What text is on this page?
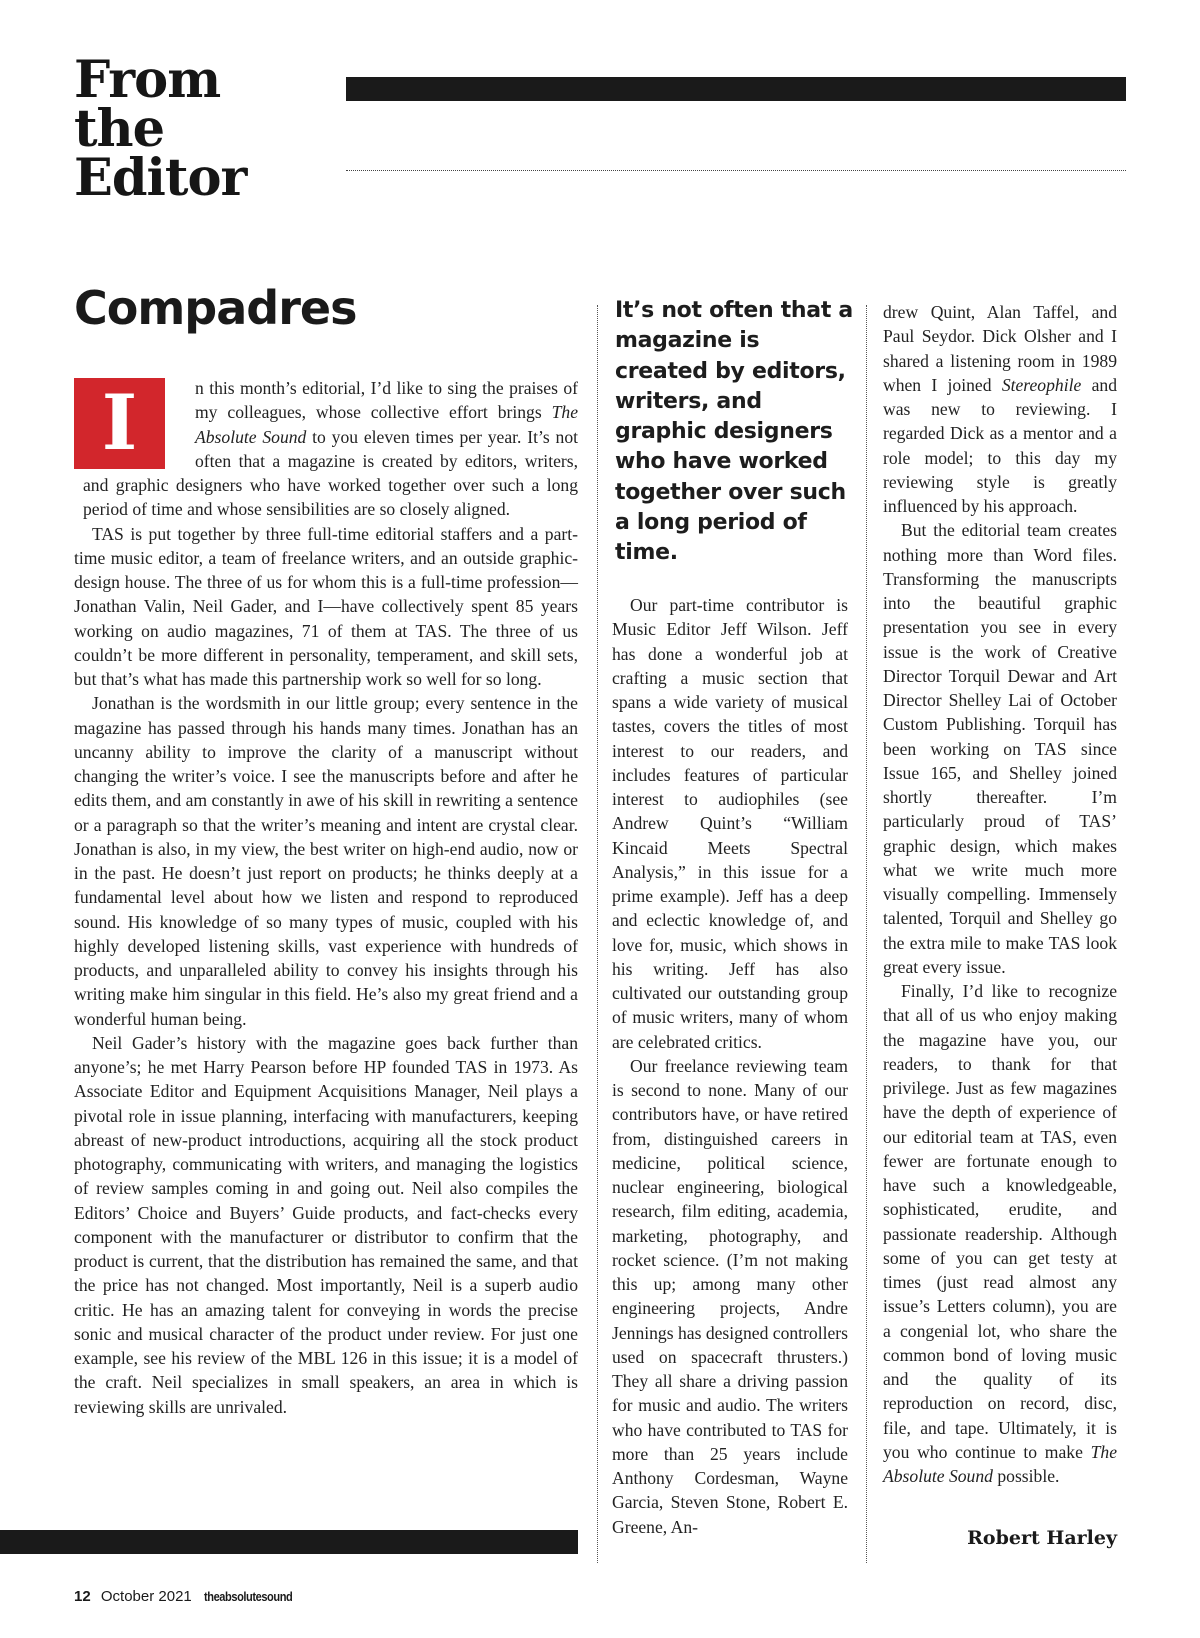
From
the
Editor
Compadres
I	n this month’s editorial, I’d like to sing the praises of my colleagues, whose collective effort brings The Absolute Sound to you eleven times per year. It’s not often that a magazine is created by editors, writers, and graphic designers who have worked together over such a long period of time and whose sensibilities are so closely aligned.

TAS is put together by three full-time editorial staffers and a part-time music editor, a team of freelance writers, and an outside graphic-design house. The three of us for whom this is a full-time profession—Jonathan Valin, Neil Gader, and I—have collectively spent 85 years working on audio magazines, 71 of them at TAS. The three of us couldn’t be more different in personality, temperament, and skill sets, but that’s what has made this partnership work so well for so long.

Jonathan is the wordsmith in our little group; every sentence in the magazine has passed through his hands many times. Jonathan has an uncanny ability to improve the clarity of a manuscript without changing the writer’s voice. I see the manuscripts before and after he edits them, and am constantly in awe of his skill in rewriting a sentence or a paragraph so that the writer’s meaning and intent are crystal clear. Jonathan is also, in my view, the best writer on high-end audio, now or in the past. He doesn’t just report on products; he thinks deeply at a fundamental level about how we listen and respond to reproduced sound. His knowledge of so many types of music, coupled with his highly developed listening skills, vast experience with hundreds of products, and unparalleled ability to convey his insights through his writing make him singular in this field. He’s also my great friend and a wonderful human being.

Neil Gader’s history with the magazine goes back further than anyone’s; he met Harry Pearson before HP founded TAS in 1973. As Associate Editor and Equipment Acquisitions Manager, Neil plays a pivotal role in issue planning, interfacing with manufacturers, keeping abreast of new-product introductions, acquiring all the stock product photography, communicating with writers, and managing the logistics of review samples coming in and going out. Neil also compiles the Editors’ Choice and Buyers’ Guide products, and fact-checks every component with the manufacturer or distributor to confirm that the product is current, that the distribution has remained the same, and that the price has not changed. Most importantly, Neil is a superb audio critic. He has an amazing talent for conveying in words the precise sonic and musical character of the product under review. For just one example, see his review of the MBL 126 in this issue; it is a model of the craft. Neil specializes in small speakers, an area in which is reviewing skills are unrivaled.

It’s not often that a magazine is created by editors, writers, and graphic designers who have worked together over such a long period of time.

Our part-time contributor is Music Editor Jeff Wilson. Jeff has done a wonderful job at crafting a music section that spans a wide variety of musical tastes, covers the titles of most interest to our readers, and includes features of particular interest to audiophiles (see Andrew Quint’s “William Kincaid Meets Spectral Analysis,” in this issue for a prime example). Jeff has a deep and eclectic knowledge of, and love for, music, which shows in his writing. Jeff has also cultivated our outstanding group of music writers, many of whom are celebrated critics.

Our freelance reviewing team is second to none. Many of our contributors have, or have retired from, distinguished careers in medicine, political science, nuclear engineering, biological research, film editing, academia, marketing, photography, and rocket science. (I’m not making this up; among many other engineering projects, Andre Jennings has designed controllers used on spacecraft thrusters.) They all share a driving passion for music and audio. The writers who have contributed to TAS for more than 25 years include Anthony Cordesman, Wayne Garcia, Steven Stone, Robert E. Greene, An-

drew Quint, Alan Taffel, and Paul Seydor. Dick Olsher and I shared a listening room in 1989 when I joined Stereophile and was new to reviewing. I regarded Dick as a mentor and a role model; to this day my reviewing style is greatly influenced by his approach.

But the editorial team creates nothing more than Word files. Transforming the manuscripts into the beautiful graphic presentation you see in every issue is the work of Creative Director Torquil Dewar and Art Director Shelley Lai of October Custom Publishing. Torquil has been working on TAS since Issue 165, and Shelley joined shortly thereafter. I’m particularly proud of TAS’ graphic design, which makes what we write much more visually compelling. Immensely talented, Torquil and Shelley go the extra mile to make TAS look great every issue.

Finally, I’d like to recognize that all of us who enjoy making the magazine have you, our readers, to thank for that privilege. Just as few magazines have the depth of experience of our editorial team at TAS, even fewer are fortunate enough to have such a knowledgeable, sophisticated, erudite, and passionate readership. Although some of you can get testy at times (just read almost any issue’s Letters column), you are a congenial lot, who share the common bond of loving music and the quality of its reproduction on record, disc, file, and tape. Ultimately, it is you who continue to make The Absolute Sound possible.

Robert Harley
12 October 2021 theabsolutesound
